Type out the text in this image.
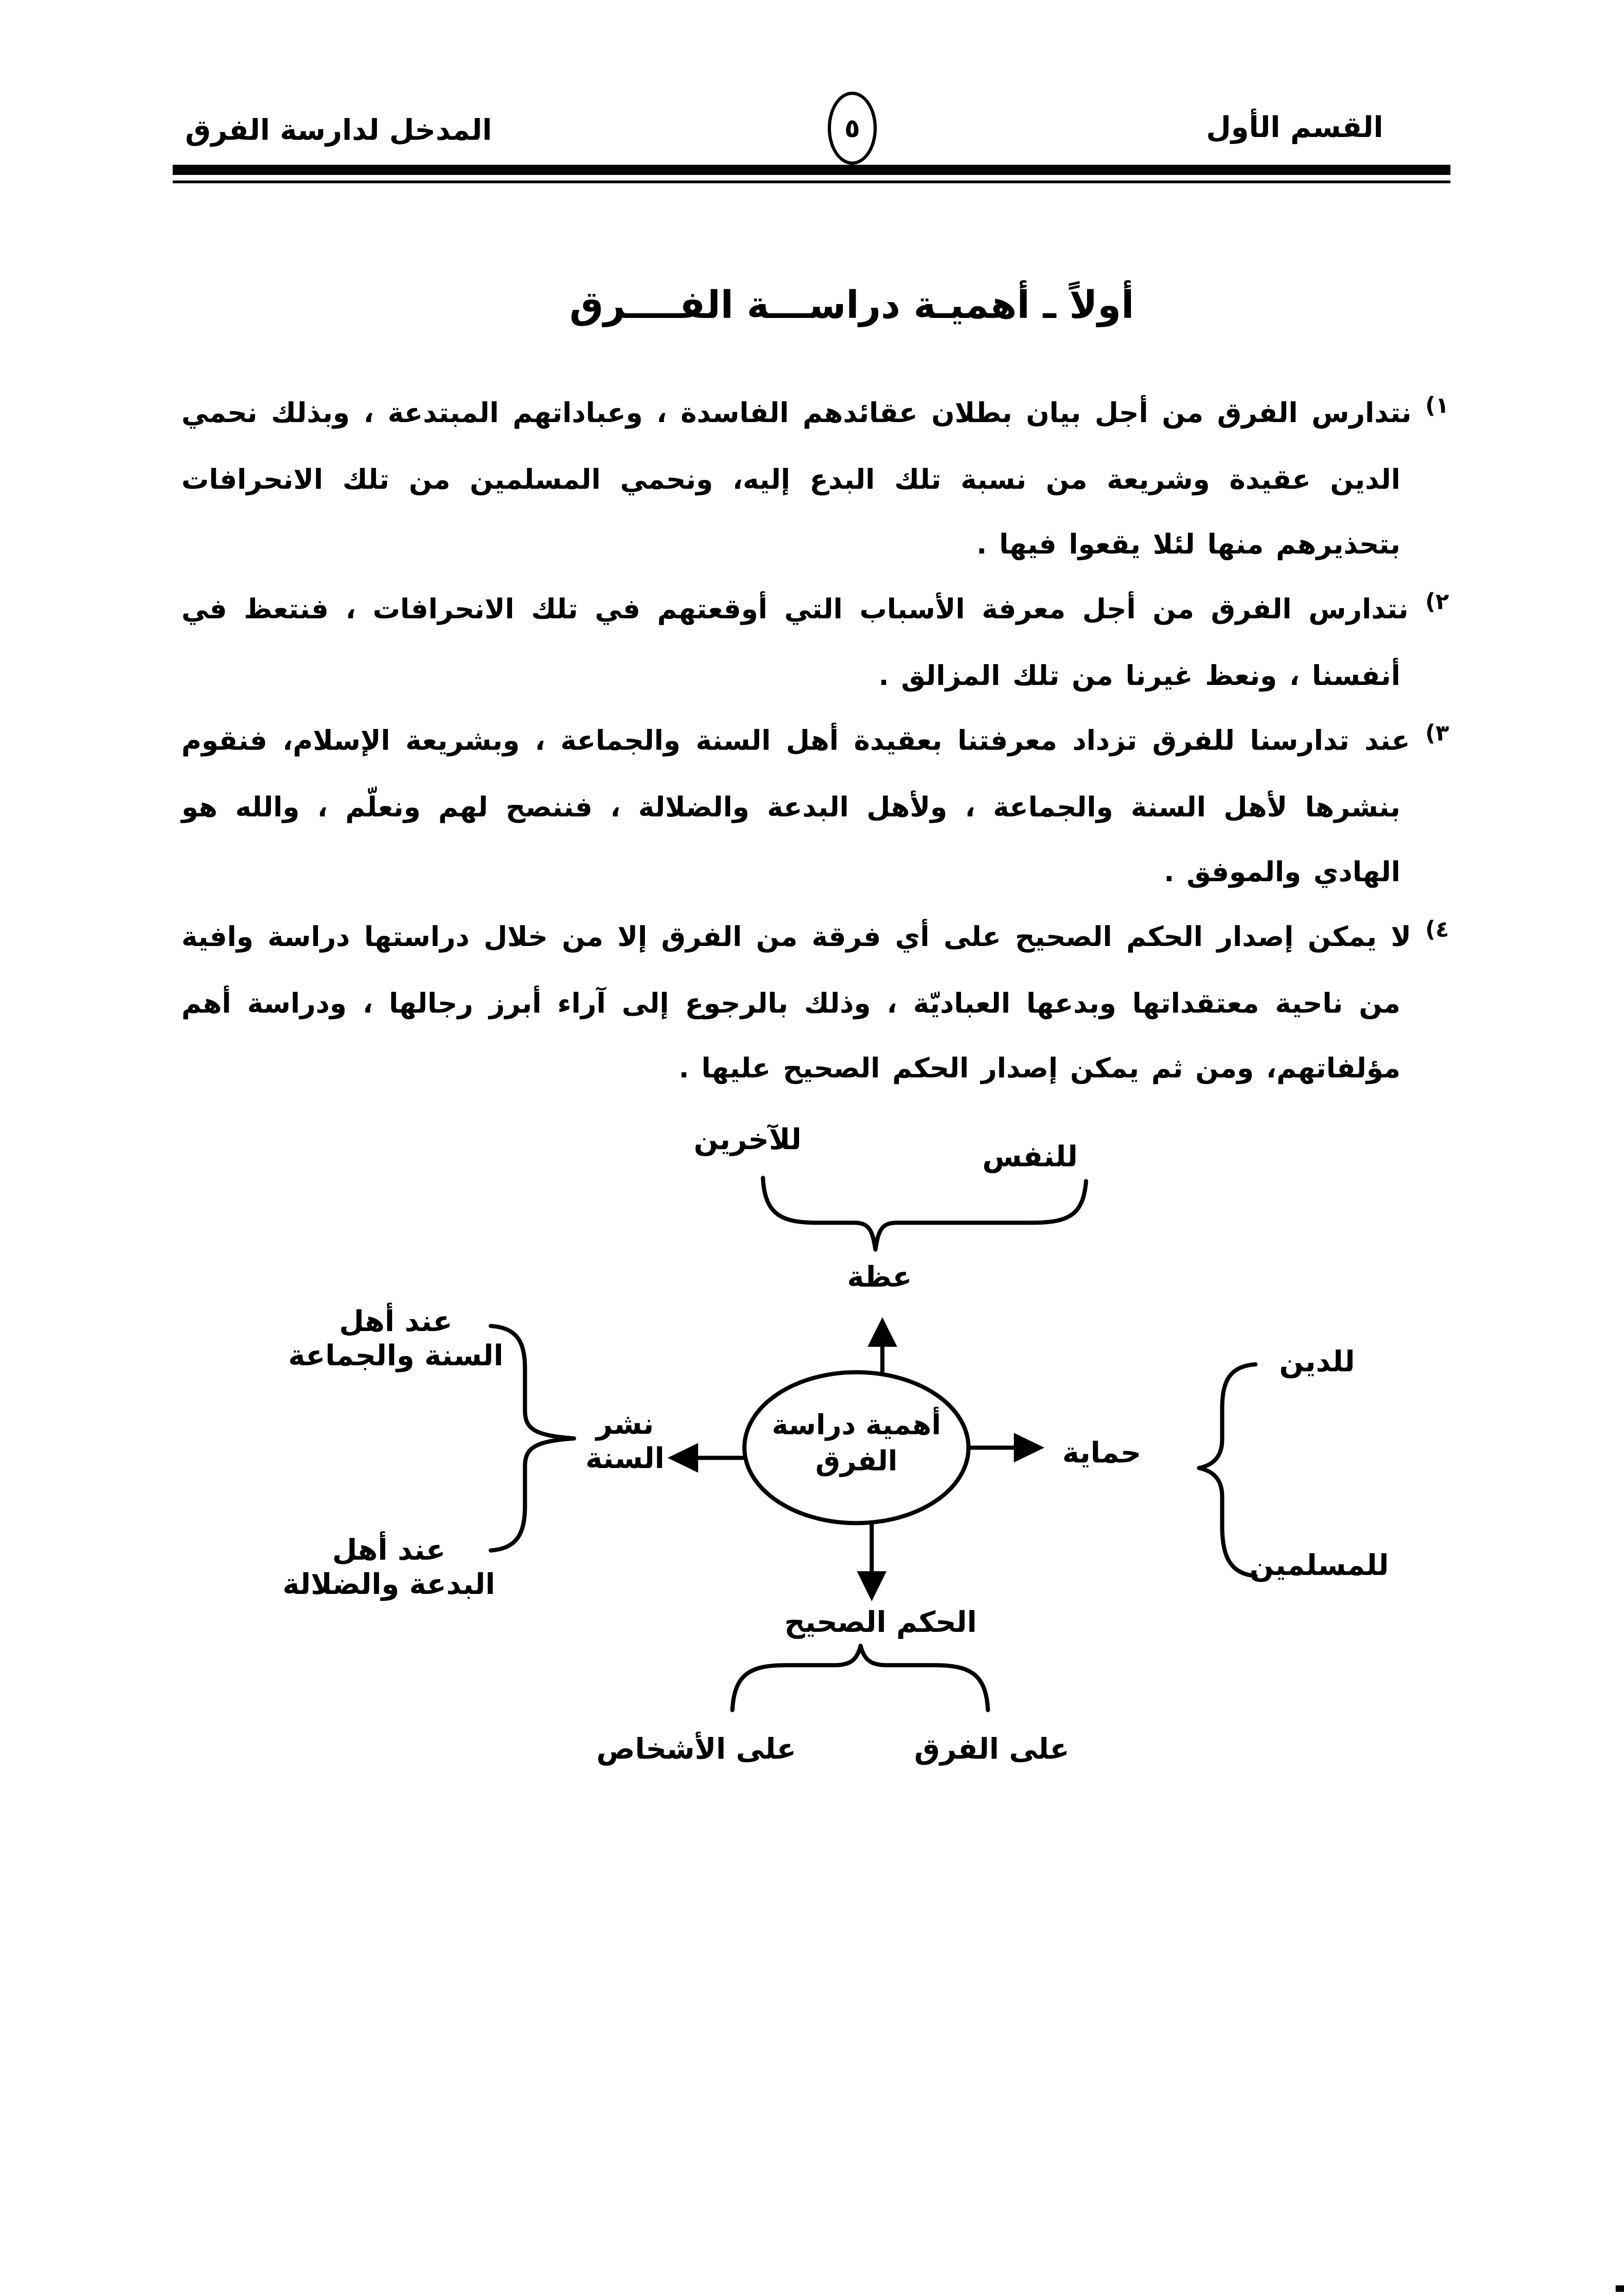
القسم الأول
المدخل لدارسة الفرق	٥
أولاً ـ أهميـة دراســـة الفــــرق

$^{١)}$ نتدارس الفرق من أجل بيان بطلان عقائدهم الفاسدة ، وعباداتهم المبتدعة ، وبذلك نحمي الدين عقيدة وشريعة من نسبة تلك البدع إليه، ونحمي المسلمين من تلك الانحرافات بتحذيرهم منها لئلا يقعوا فيها .

$^{٢)}$ نتدارس الفرق من أجل معرفة الأسباب التي أوقعتهم في تلك الانحرافات ، فنتعظ في أنفسنا ، ونعظ غيرنا من تلك المزالق .

$^{٣)}$ عند تدارسنا للفرق تزداد معرفتنا بعقيدة أهل السنة والجماعة ، وبشريعة الإسلام، فنقوم بنشرها لأهل السنة والجماعة ، ولأهل البدعة والضلالة ، فننصح لهم ونعلّم ، والله هو الهادي والموفق .

$^{٤)}$ لا يمكن إصدار الحكم الصحيح على أي فرقة من الفرق إلا من خلال دراستها دراسة وافية من ناحية معتقداتها وبدعها العباديّة ، وذلك بالرجوع إلى آراء أبرز رجالها ، ودراسة أهم مؤلفاتهم، ومن ثم يمكن إصدار الحكم الصحيح عليها .

للآخرين
للنفس
عظة
أهمية دراسة
الفرق	حماية
للدين
للمسلمين
نشر
السنة
عند أهل
السنة والجماعة
عند أهل
البدعة والضلالة
الحكم الصحيح
على الفرق
على الأشخاص
